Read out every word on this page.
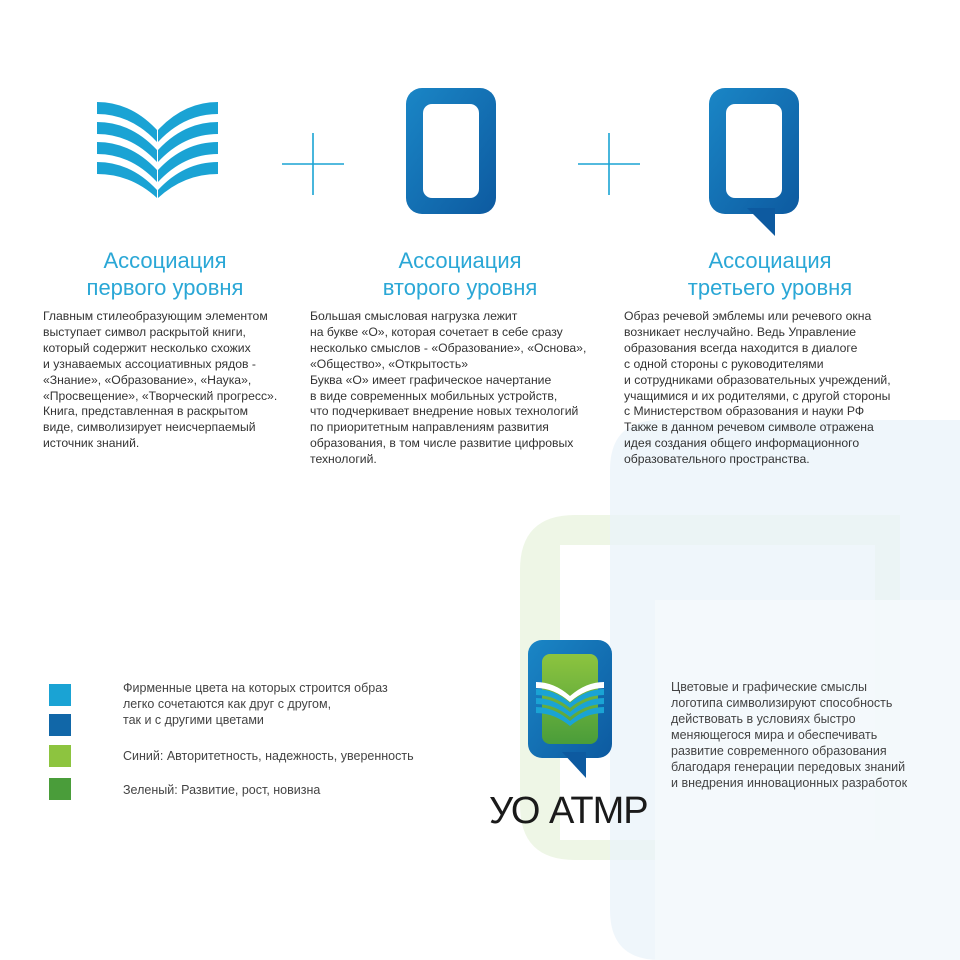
Ассоциация
первого уровня
Ассоциация
второго уровня
Ассоциация
третьего уровня
Главным стилеобразующим элементом
выступает символ раскрытой книги,
который содержит несколько схожих
и узнаваемых ассоциативных рядов -
«Знание», «Образование», «Наука»,
«Просвещение», «Творческий прогресс».
Книга, представленная в раскрытом
виде, символизирует неисчерпаемый
источник знаний.
Большая смысловая нагрузка лежит
на букве «О», которая сочетает в себе сразу
несколько смыслов - «Образование», «Основа»,
«Общество», «Открытость»
Буква «О» имеет графическое начертание
в виде современных мобильных устройств,
что подчеркивает внедрение новых технологий
по приоритетным направлениям развития
образования, в том числе развитие цифровых
технологий.
Образ речевой эмблемы или речевого окна
возникает неслучайно. Ведь Управление
образования всегда находится в диалоге
с одной стороны с руководителями
и сотрудниками образовательных учреждений,
учащимися и их родителями, с другой стороны
с Министерством образования и науки РФ
Также в данном речевом символе отражена
идея создания общего информационного
образовательного пространства.
Фирменные цвета на которых строится образ
легко сочетаются как друг с другом,
так и с другими цветами
Синий: Авторитетность, надежность, уверенность
Зеленый: Развитие, рост, новизна	УО АТМР
Цветовые и графические смыслы
логотипа символизируют способность
действовать в условиях быстро
меняющегося мира и обеспечивать
развитие современного образования
благодаря генерации передовых знаний
и внедрения инновационных разработок
